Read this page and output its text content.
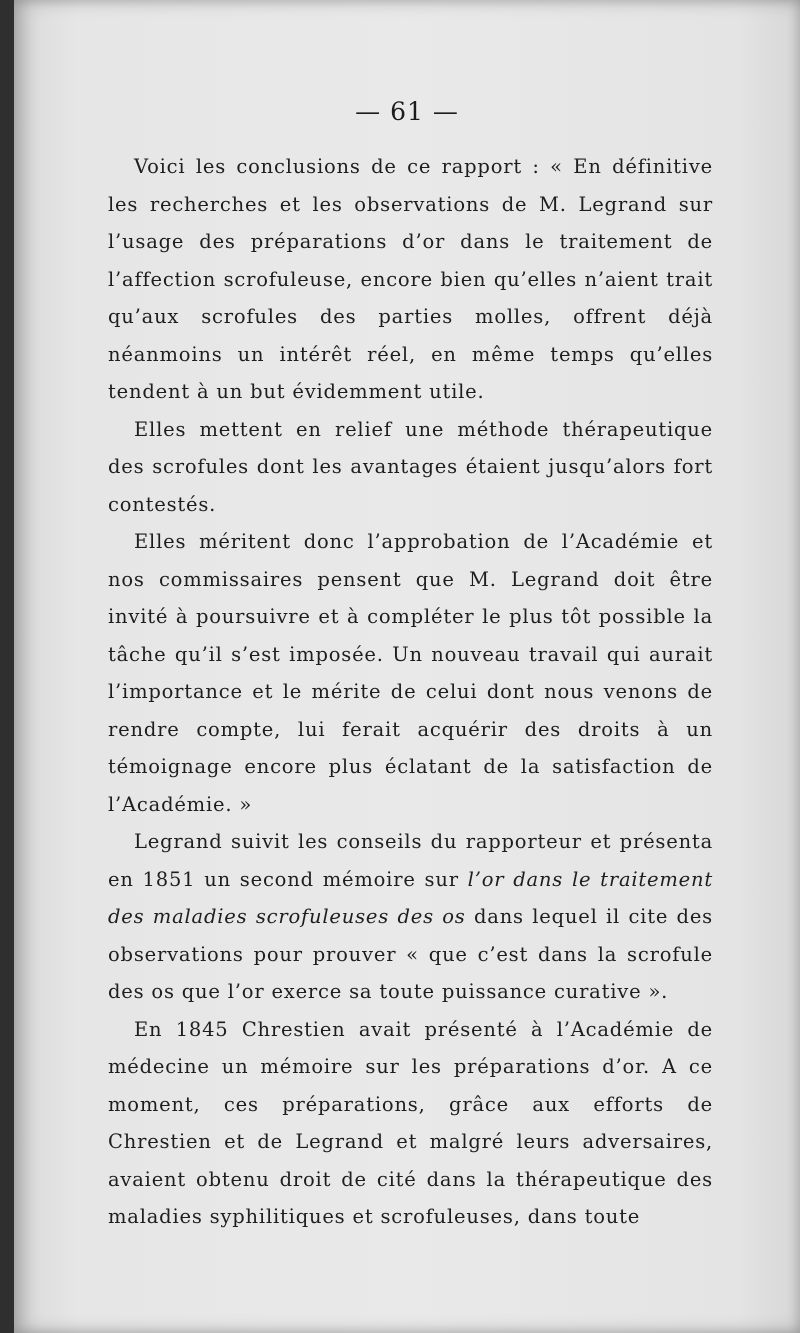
— 61 —

Voici les conclusions de ce rapport : « En définitive les recherches et les observations de M. Legrand sur l’usage des préparations d’or dans le traitement de l’affection scrofuleuse, encore bien qu’elles n’aient trait qu’aux scrofules des parties molles, offrent déjà néanmoins un intérêt réel, en même temps qu’elles tendent à un but évidemment utile.

Elles mettent en relief une méthode thérapeutique des scrofules dont les avantages étaient jusqu’alors fort contestés.

Elles méritent donc l’approbation de l’Académie et nos commissaires pensent que M. Legrand doit être invité à poursuivre et à compléter le plus tôt possible la tâche qu’il s’est imposée. Un nouveau travail qui aurait l’importance et le mérite de celui dont nous venons de rendre compte, lui ferait acquérir des droits à un témoignage encore plus éclatant de la satisfaction de l’Académie. »

Legrand suivit les conseils du rapporteur et présenta en 1851 un second mémoire sur l’or dans le traitement des maladies scrofuleuses des os dans lequel il cite des observations pour prouver « que c’est dans la scrofule des os que l’or exerce sa toute puissance curative ».

En 1845 Chrestien avait présenté à l’Académie de médecine un mémoire sur les préparations d’or. A ce moment, ces préparations, grâce aux efforts de Chrestien et de Legrand et malgré leurs adversaires, avaient obtenu droit de cité dans la thérapeutique des maladies syphilitiques et scrofuleuses, dans toute
